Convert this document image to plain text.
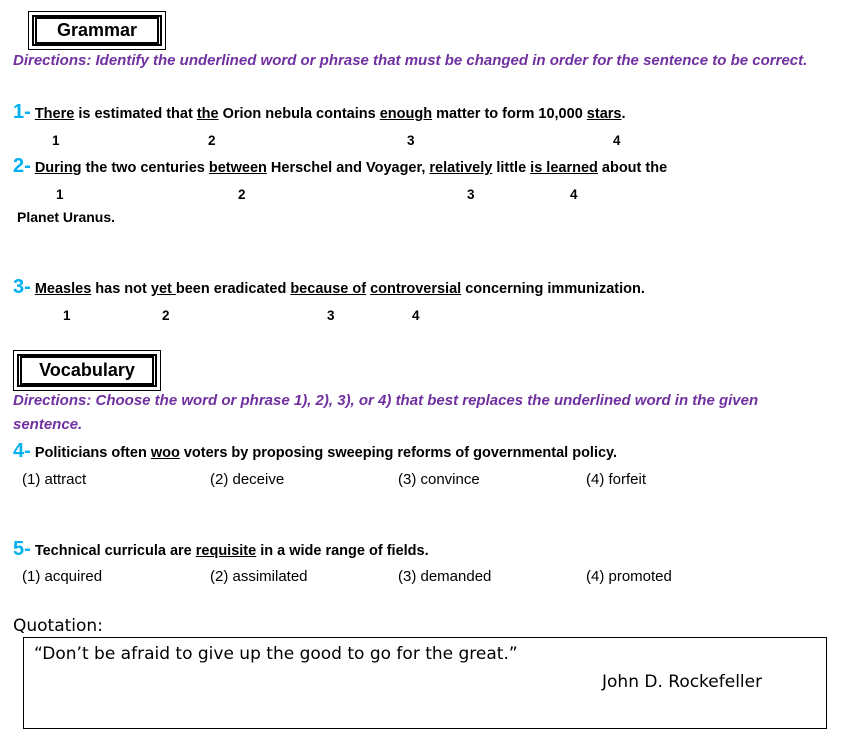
Grammar
Directions: Identify the underlined word or phrase that must be changed in order for the sentence to be correct.
1- There is estimated that the Orion nebula contains enough matter to form 10,000 stars.
1	2	3	4
2- During the two centuries between Herschel and Voyager, relatively little is learned about the
1	2	3	4
Planet Uranus.
3- Measles has not yet been eradicated because of controversial concerning immunization.
1	2	3	4
Vocabulary
Directions: Choose the word or phrase 1), 2), 3), or 4) that best replaces the underlined word in the given sentence.
4- Politicians often woo voters by proposing sweeping reforms of governmental policy.
(1) attract	(2) deceive	(3) convince	(4) forfeit
5- Technical curricula are requisite in a wide range of fields.
(1) acquired	(2) assimilated	(3) demanded	(4) promoted
Quotation:
“Don’t be afraid to give up the good to go for the great.”
John D. Rockefeller
